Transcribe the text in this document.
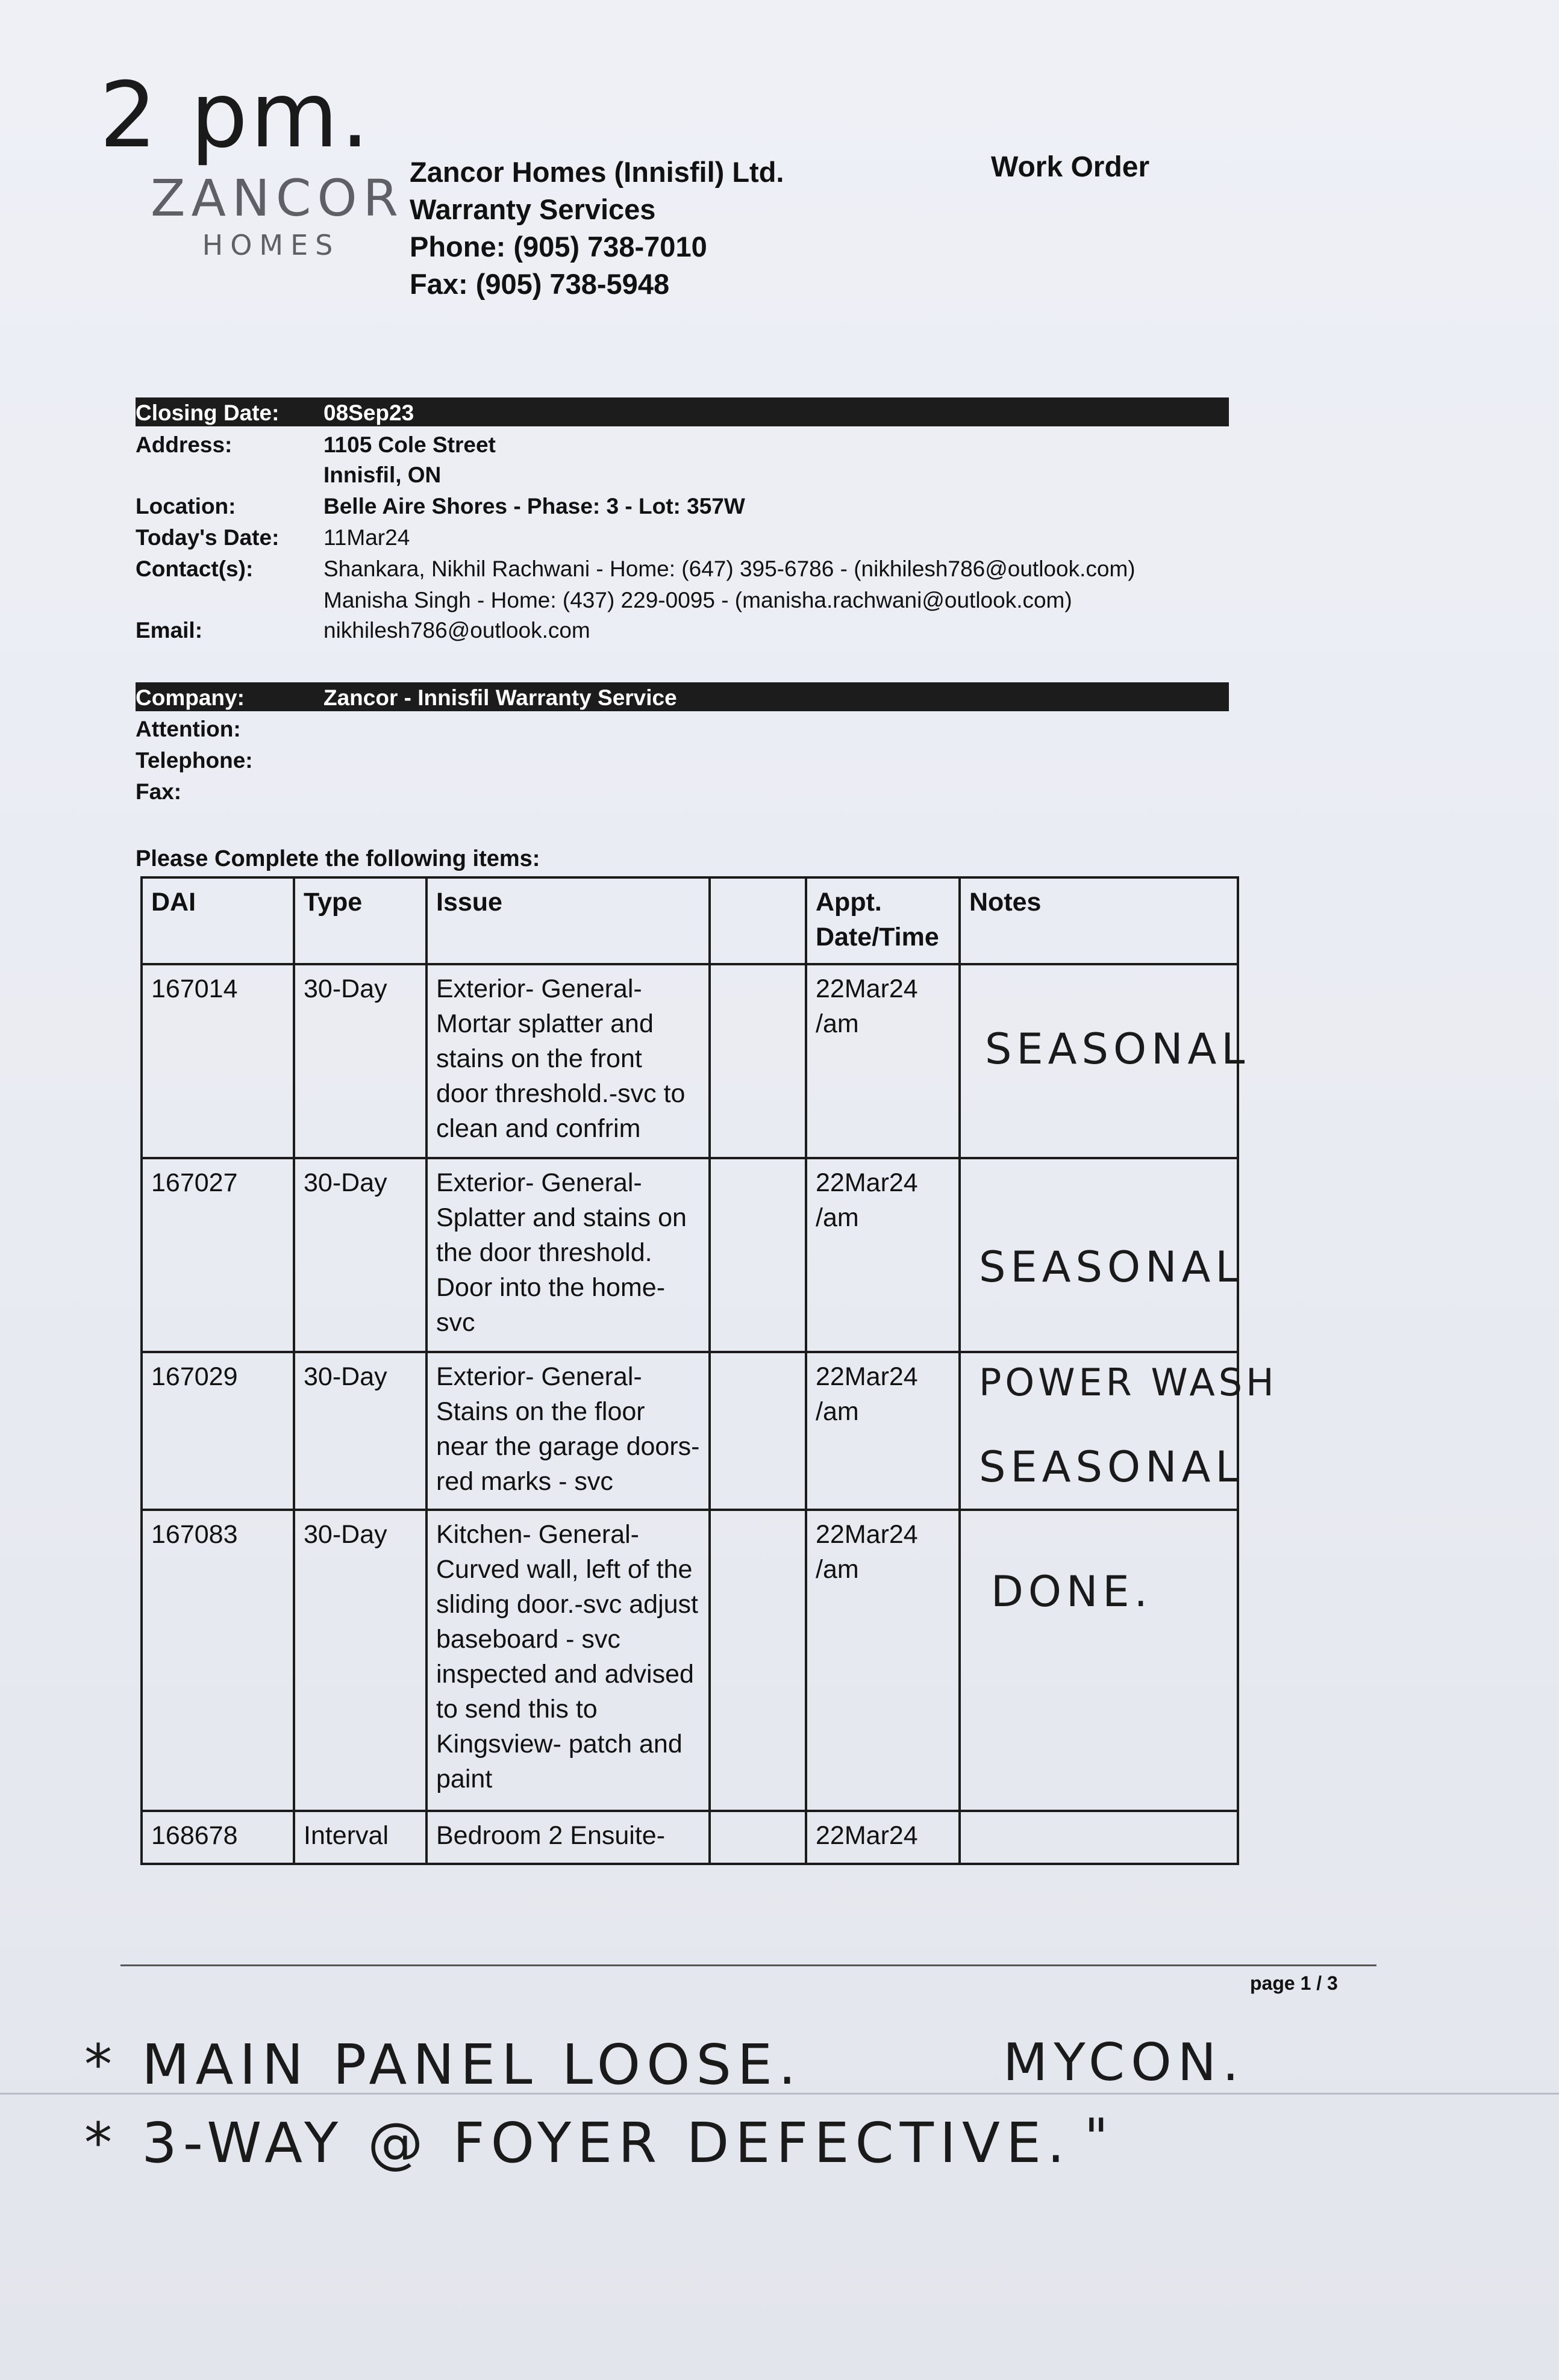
2 pm.
ZANCOR
HOMES
Zancor Homes (Innisfil) Ltd.
Warranty Services
Phone: (905) 738-7010
Fax: (905) 738-5948
Work Order
Closing Date: 08Sep23
Address:	1105 Cole Street
Innisfil, ON
Location:	Belle Aire Shores - Phase: 3 - Lot: 357W
Today's Date: 11Mar24
Contact(s):	Shankara, Nikhil Rachwani - Home: (647) 395-6786 - (nikhilesh786@outlook.com)
Manisha Singh - Home: (437) 229-0095 - (manisha.rachwani@outlook.com)
Email:	nikhilesh786@outlook.com
Company:	Zancor - Innisfil Warranty Service
Attention:
Telephone:
Fax:
Please Complete the following items:
DAI	Type	Issue		Appt. Date/Time	Notes
167014	30-Day	Exterior- General- Mortar splatter and stains on the front door threshold.-svc to clean and confrim		22Mar24 /am	SEASONAL

167027	30-Day	Exterior- General- Splatter and stains on the door threshold. Door into the home- svc		22Mar24 /am	SEASONAL

167029	30-Day	Exterior- General- Stains on the floor near the garage doors- red marks - svc		22Mar24 /am	POWER WASH
SEASONAL

167083	30-Day	Kitchen- General- Curved wall, left of the sliding door.-svc adjust baseboard - svc inspected and advised to send this to Kingsview- patch and paint		22Mar24 /am	DONE.

168678	Interval	Bedroom 2 Ensuite-		22Mar24	
page 1 / 3
* MAIN PANEL LOOSE.	MYCON.
* 3-WAY @ FOYER DEFECTIVE. "
